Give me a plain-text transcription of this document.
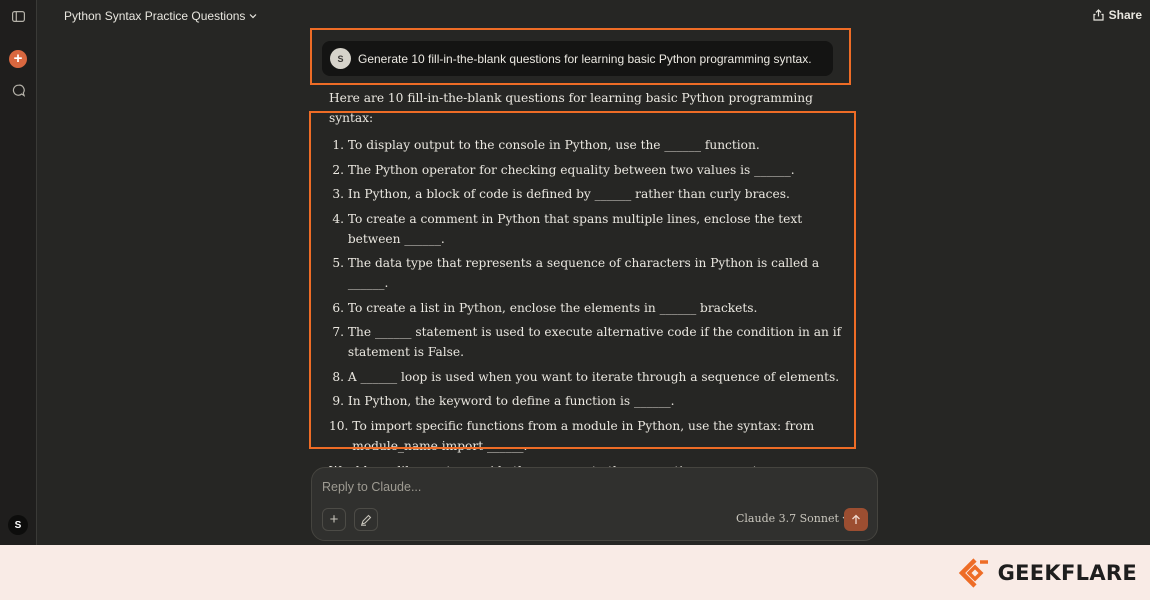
+
S
Python Syntax Practice Questions	Share
S	Generate 10 fill-in-the-blank questions for learning basic Python programming syntax.

Here are 10 fill-in-the-blank questions for learning basic Python programming syntax:

1.
To display output to the console in Python, use the ______ function.
2.
The Python operator for checking equality between two values is ______.
3.
In Python, a block of code is defined by ______ rather than curly braces.
4.
To create a comment in Python that spans multiple lines, enclose the text between ______.
5.
The data type that represents a sequence of characters in Python is called a ______.
6.
To create a list in Python, enclose the elements in ______ brackets.
7.
The ______ statement is used to execute alternative code if the condition in an if statement is False.
8.
A ______ loop is used when you want to iterate through a sequence of elements.
9.
In Python, the keyword to define a function is ______.
10.
To import specific functions from a module in Python, use the syntax: from module_name import ______.

Reply to Claude...
+	Claude 3.7 Sonnet
GEEKFLARE
